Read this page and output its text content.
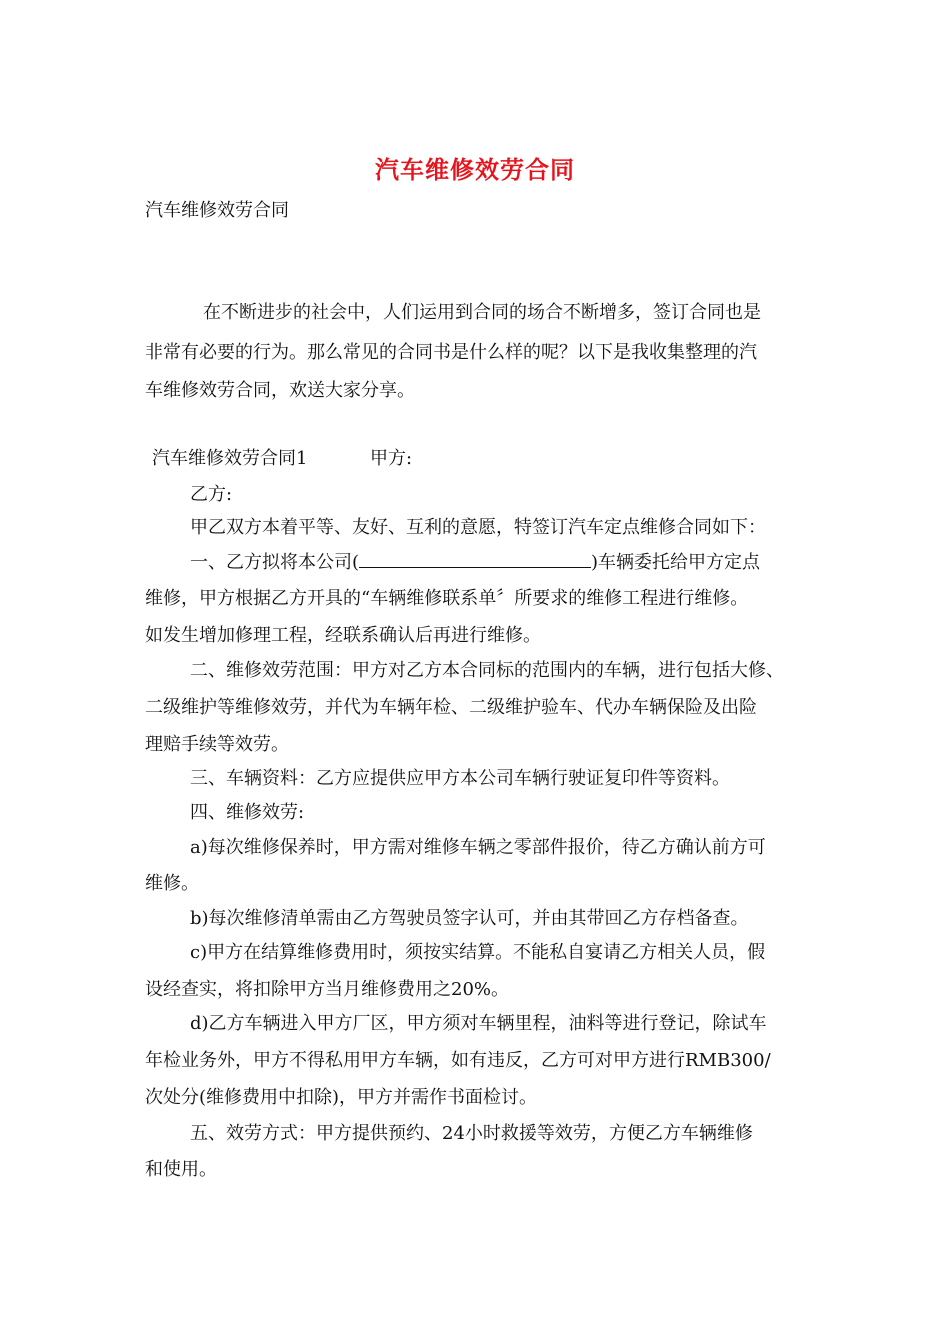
汽车维修效劳合同
汽车维修效劳合同
在不断进步的社会中，人们运用到合同的场合不断增多，签订合同也是
非常有必要的行为。那么常见的合同书是什么样的呢？以下是我收集整理的汽
车维修效劳合同，欢送大家分享。
汽车维修效劳合同1	甲方:
乙方:
甲乙双方本着平等、友好、互利的意愿，特签订汽车定点维修合同如下：
一、乙方拟将本公司(	)车辆委托给甲方定点
维修，甲方根据乙方开具的“车辆维修联系单〞所要求的维修工程进行维修。
如发生增加修理工程，经联系确认后再进行维修。
二、维修效劳范围：甲方对乙方本合同标的范围内的车辆，进行包括大修、
二级维护等维修效劳，并代为车辆年检、二级维护验车、代办车辆保险及出险
理赔手续等效劳。
三、车辆资料：乙方应提供应甲方本公司车辆行驶证复印件等资料。
四、维修效劳:
a)每次维修保养时，甲方需对维修车辆之零部件报价，待乙方确认前方可
维修。
b)每次维修清单需由乙方驾驶员签字认可，并由其带回乙方存档备查。
c)甲方在结算维修费用时，须按实结算。不能私自宴请乙方相关人员，假
设经查实，将扣除甲方当月维修费用之20%。
d)乙方车辆进入甲方厂区，甲方须对车辆里程，油料等进行登记，除试车
年检业务外，甲方不得私用甲方车辆，如有违反，乙方可对甲方进行RMB300/
次处分(维修费用中扣除)，甲方并需作书面检讨。
五、效劳方式：甲方提供预约、24小时救援等效劳，方便乙方车辆维修
和使用。
